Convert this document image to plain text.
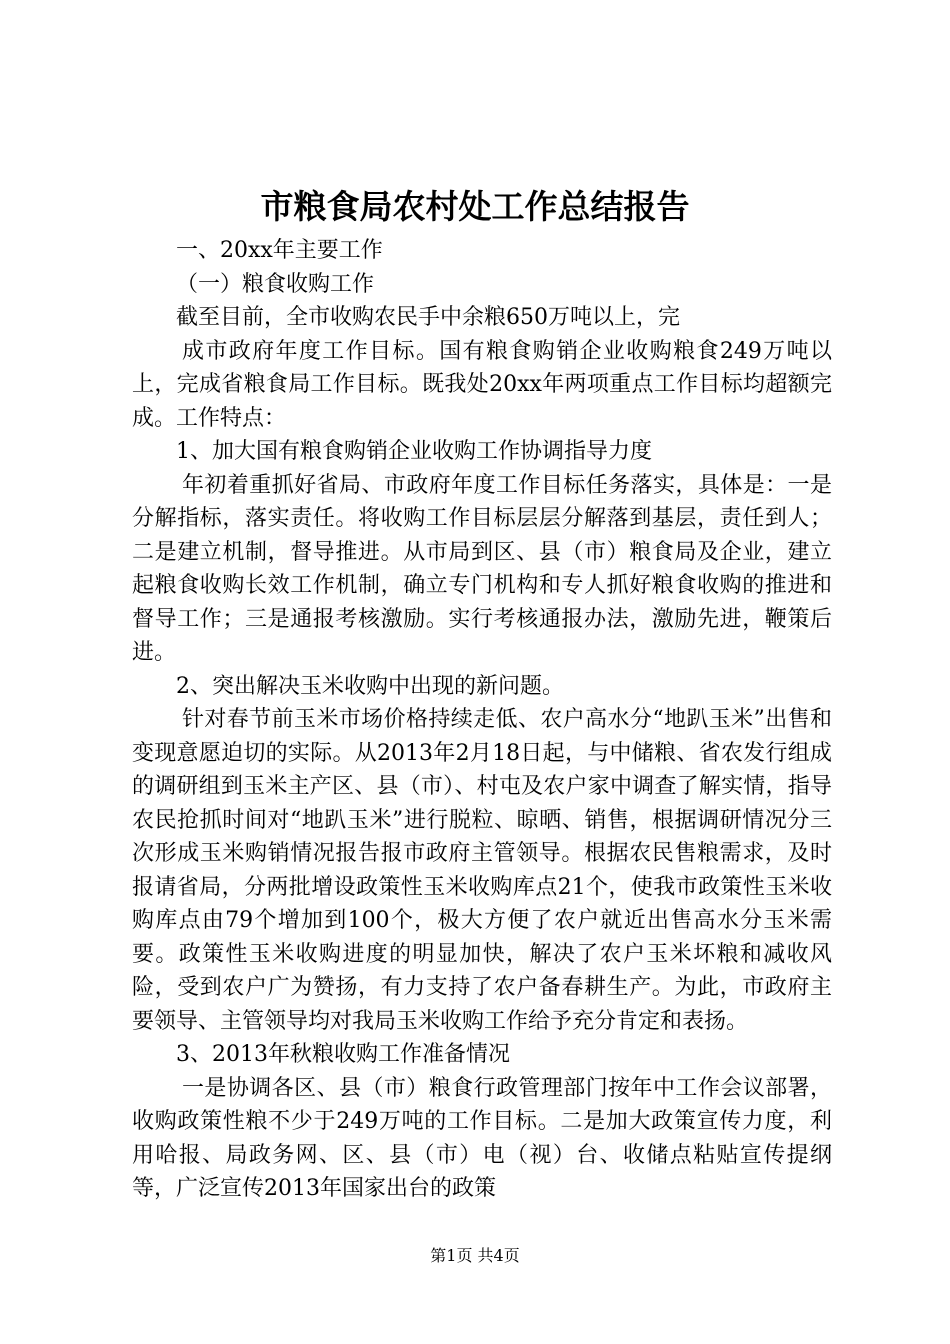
市粮食局农村处工作总结报告

一、20xx年主要工作

（一）粮食收购工作

截至目前，全市收购农民手中余粮650万吨以上，完

成市政府年度工作目标。国有粮食购销企业收购粮食249万吨以上，完成省粮食局工作目标。既我处20xx年两项重点工作目标均超额完成。工作特点：

1、加大国有粮食购销企业收购工作协调指导力度

年初着重抓好省局、市政府年度工作目标任务落实，具体是：一是分解指标，落实责任。将收购工作目标层层分解落到基层，责任到人；二是建立机制，督导推进。从市局到区、县（市）粮食局及企业，建立起粮食收购长效工作机制，确立专门机构和专人抓好粮食收购的推进和督导工作；三是通报考核激励。实行考核通报办法，激励先进，鞭策后进。

2、突出解决玉米收购中出现的新问题。

针对春节前玉米市场价格持续走低、农户高水分“地趴玉米”出售和变现意愿迫切的实际。从2013年2月18日起，与中储粮、省农发行组成的调研组到玉米主产区、县（市）、村屯及农户家中调查了解实情，指导农民抢抓时间对“地趴玉米”进行脱粒、晾晒、销售，根据调研情况分三次形成玉米购销情况报告报市政府主管领导。根据农民售粮需求，及时报请省局，分两批增设政策性玉米收购库点21个，使我市政策性玉米收购库点由79个增加到100个，极大方便了农户就近出售高水分玉米需要。政策性玉米收购进度的明显加快，解决了农户玉米坏粮和减收风险，受到农户广为赞扬，有力支持了农户备春耕生产。为此，市政府主要领导、主管领导均对我局玉米收购工作给予充分肯定和表扬。

3、2013年秋粮收购工作准备情况

一是协调各区、县（市）粮食行政管理部门按年中工作会议部署，收购政策性粮不少于249万吨的工作目标。二是加大政策宣传力度，利用哈报、局政务网、区、县（市）电（视）台、收储点粘贴宣传提纲等，广泛宣传2013年国家出台的政策

第1页 共4页
